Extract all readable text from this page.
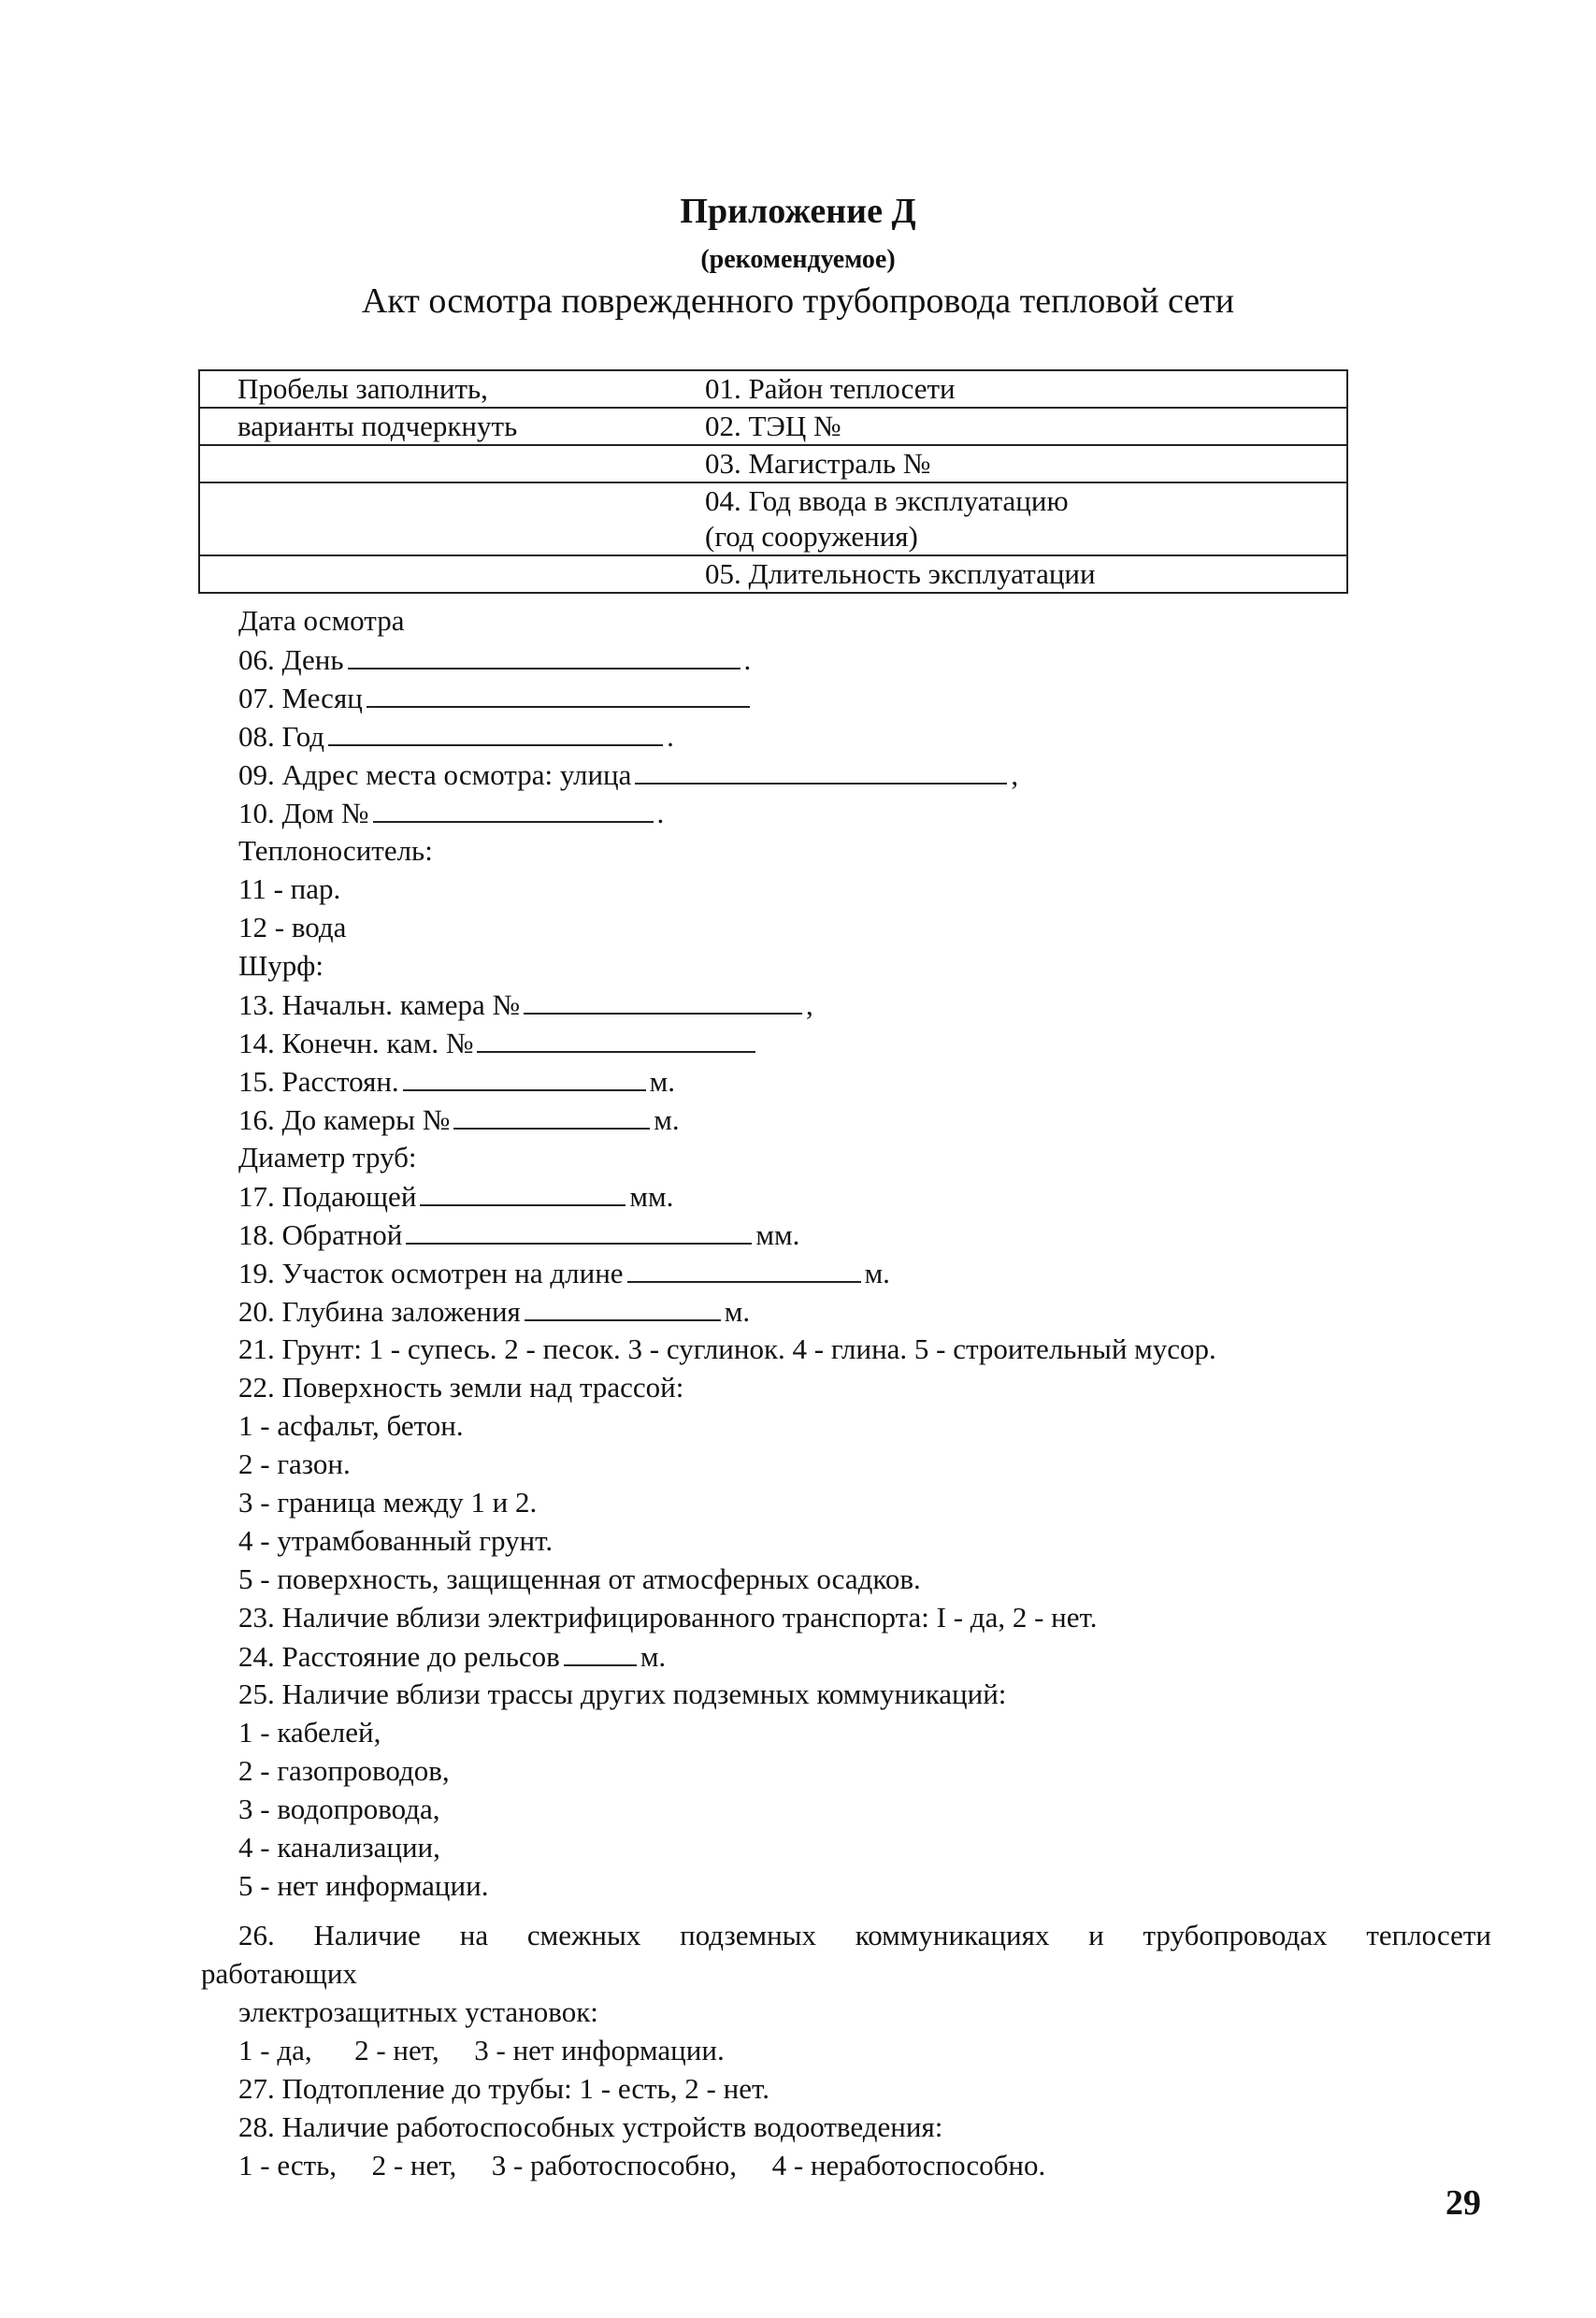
Приложение Д
(рекомендуемое)
Акт осмотра поврежденного трубопровода тепловой сети
Пробелы заполнить,	01. Район теплосети
варианты подчеркнуть	02. ТЭЦ №
	03. Магистраль №
	04. Год ввода в эксплуатацию
(год сооружения)
	05. Длительность эксплуатации
Дата осмотра
06. День	.
07. Месяц
08. Год	.
09. Адрес места осмотра: улица	,
10. Дом №	.
Теплоноситель:
11 - пар.
12 - вода
Шурф:
13. Начальн. камера №	,
14. Конечн. кам. №
15. Расстоян.	м.
16. До камеры №	м.
Диаметр труб:
17. Подающей	мм.
18. Обратной	мм.
19. Участок осмотрен на длине	м.
20. Глубина заложения	м.
21. Грунт: 1 - супесь. 2 - песок. 3 - суглинок. 4 - глина. 5 - строительный мусор.
22. Поверхность земли над трассой:
1 - асфальт, бетон.
2 - газон.
3 - граница между 1 и 2.
4 - утрамбованный грунт.
5 - поверхность, защищенная от атмосферных осадков.
23. Наличие вблизи электрифицированного транспорта: I - да, 2 - нет.
24. Расстояние до рельсов	м.
25. Наличие вблизи трассы других подземных коммуникаций:
1 - кабелей,
2 - газопроводов,
3 - водопровода,
4 - канализации,
5 - нет информации.
26. Наличие на смежных подземных коммуникациях и трубопроводах теплосети
работающих
электрозащитных установок:
1 - да, 2 - нет, 3 - нет информации.
27. Подтопление до трубы: 1 - есть, 2 - нет.
28. Наличие работоспособных устройств водоотведения:
1 - есть, 2 - нет, 3 - работоспособно, 4 - неработоспособно.
29
